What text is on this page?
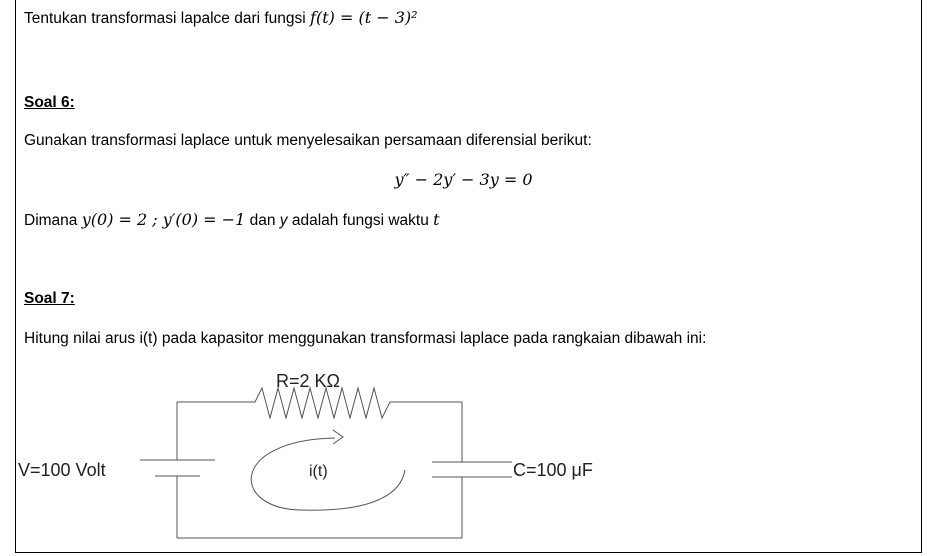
Tentukan transformasi lapalce dari fungsi f(t) = (t − 3)²
Soal 6:
Gunakan transformasi laplace untuk menyelesaikan persamaan diferensial berikut:
y″ − 2y′ − 3y = 0
Dimana y(0) = 2 ; y′(0) = −1 dan y adalah fungsi waktu t
Soal 7:
Hitung nilai arus i(t) pada kapasitor menggunakan transformasi laplace pada rangkaian dibawah ini:
R=2 KΩ
V=100 Volt	i(t)	C=100 μF
